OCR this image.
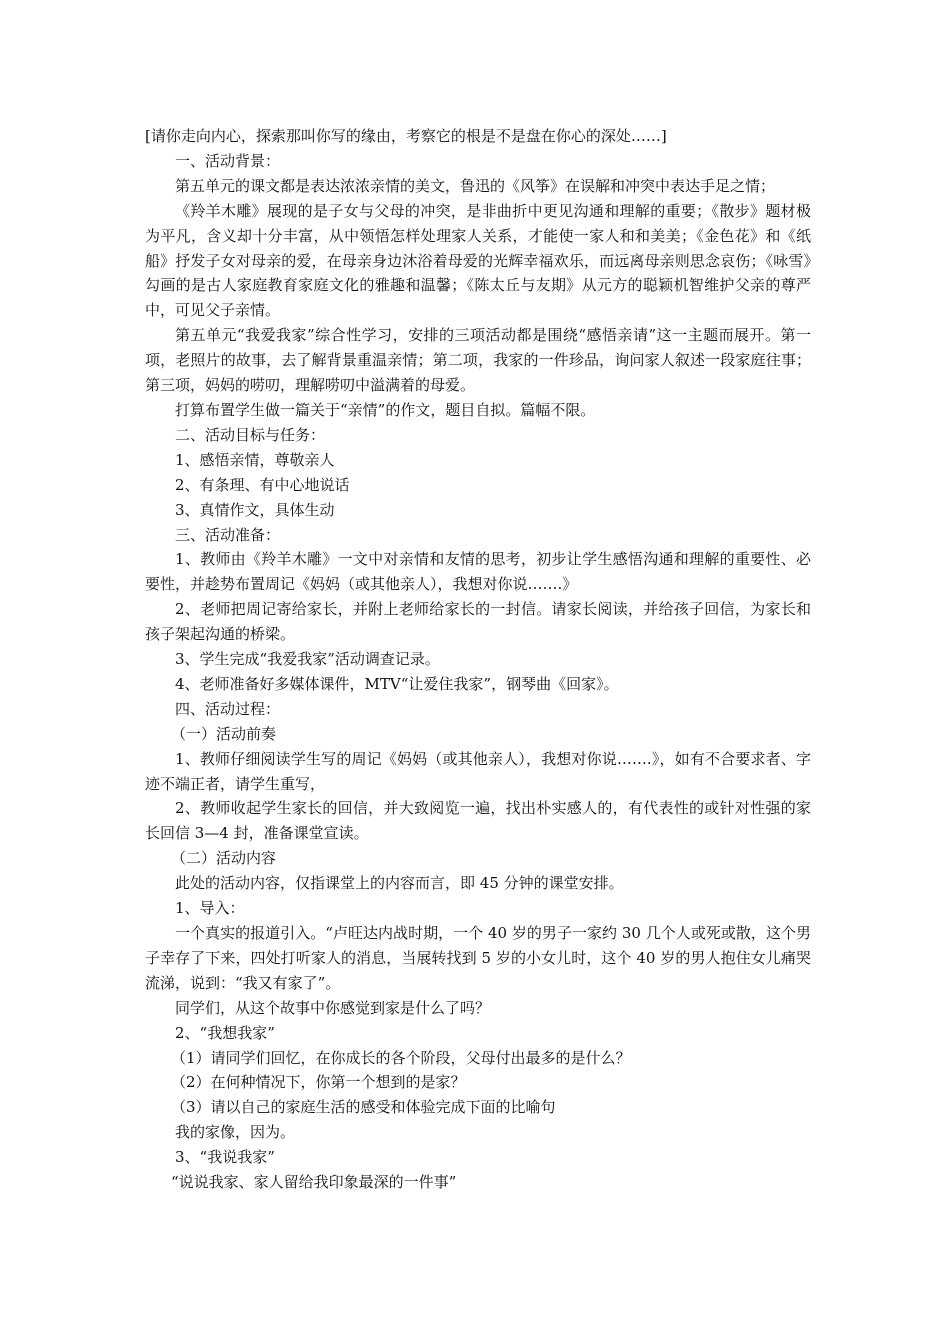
[请你走向内心，探索那叫你写的缘由，考察它的根是不是盘在你心的深处……]

一、活动背景：

第五单元的课文都是表达浓浓亲情的美文，鲁迅的《风筝》在误解和冲突中表达手足之情；

《羚羊木雕》展现的是子女与父母的冲突，是非曲折中更见沟通和理解的重要；《散步》题材极为平凡，含义却十分丰富，从中领悟怎样处理家人关系，才能使一家人和和美美；《金色花》和《纸船》抒发子女对母亲的爱，在母亲身边沐浴着母爱的光辉幸福欢乐，而远离母亲则思念哀伤；《咏雪》勾画的是古人家庭教育家庭文化的雅趣和温馨；《陈太丘与友期》从元方的聪颖机智维护父亲的尊严中，可见父子亲情。

第五单元“我爱我家”综合性学习，安排的三项活动都是围绕“感悟亲请”这一主题而展开。第一项，老照片的故事，去了解背景重温亲情；第二项，我家的一件珍品，询问家人叙述一段家庭往事；第三项，妈妈的唠叨，理解唠叨中溢满着的母爱。

打算布置学生做一篇关于“亲情”的作文，题目自拟。篇幅不限。

二、活动目标与任务：

1、感悟亲情，尊敬亲人

2、有条理、有中心地说话

3、真情作文，具体生动

三、活动准备：

1、教师由《羚羊木雕》一文中对亲情和友情的思考，初步让学生感悟沟通和理解的重要性、必要性，并趁势布置周记《妈妈（或其他亲人），我想对你说…….》

2、老师把周记寄给家长，并附上老师给家长的一封信。请家长阅读，并给孩子回信，为家长和孩子架起沟通的桥梁。

3、学生完成“我爱我家”活动调查记录。

4、老师准备好多媒体课件，MTV“让爱住我家”，钢琴曲《回家》。

四、活动过程：

（一）活动前奏

1、教师仔细阅读学生写的周记《妈妈（或其他亲人），我想对你说…….》，如有不合要求者、字迹不端正者，请学生重写，

2、教师收起学生家长的回信，并大致阅览一遍，找出朴实感人的，有代表性的或针对性强的家长回信 3—4 封，准备课堂宣读。

（二）活动内容

此处的活动内容，仅指课堂上的内容而言，即 45 分钟的课堂安排。

1、导入：

一个真实的报道引入。“卢旺达内战时期，一个 40 岁的男子一家约 30 几个人或死或散，这个男子幸存了下来，四处打听家人的消息，当展转找到 5 岁的小女儿时，这个 40 岁的男人抱住女儿痛哭流涕，说到：“我又有家了”。

同学们，从这个故事中你感觉到家是什么了吗？

2、“我想我家”

（1）请同学们回忆，在你成长的各个阶段，父母付出最多的是什么？

（2）在何种情况下，你第一个想到的是家？

（3）请以自己的家庭生活的感受和体验完成下面的比喻句

我的家像，因为。

3、“我说我家”

“说说我家、家人留给我印象最深的一件事”
